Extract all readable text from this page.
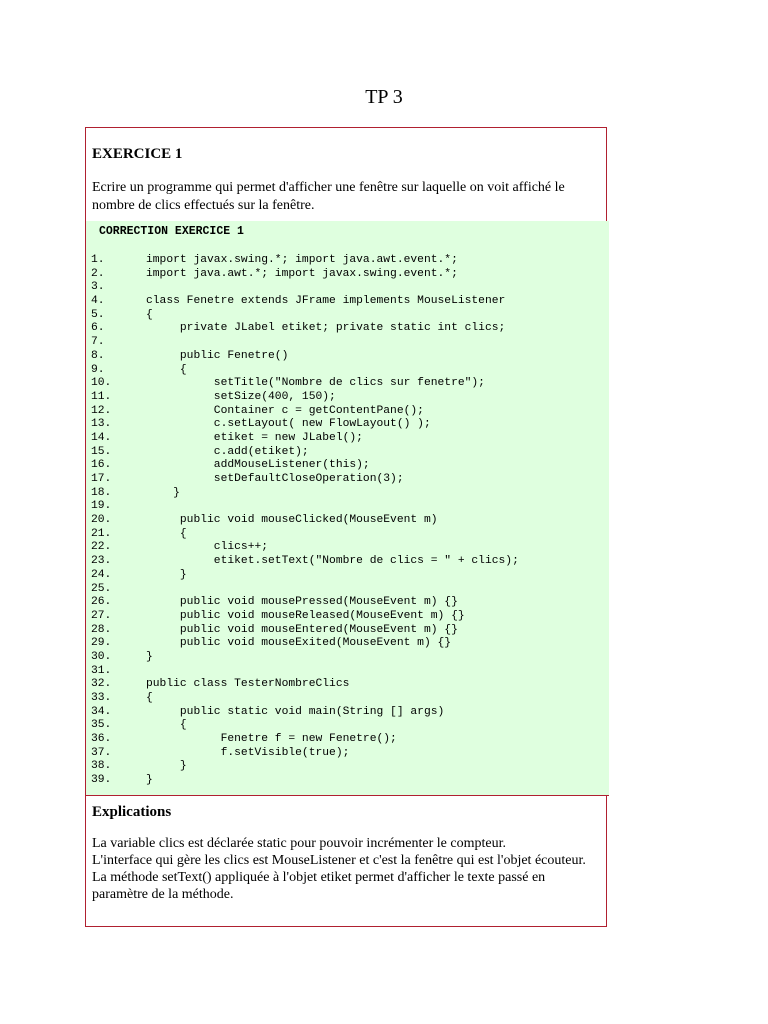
TP 3
EXERCICE 1
Ecrire un programme qui permet d'afficher une fenêtre sur laquelle on voit affiché le nombre de clics effectués sur la fenêtre.
CORRECTION EXERCICE 1
1.	import javax.swing.*; import java.awt.event.*;
2.	import java.awt.*; import javax.swing.event.*;
3.
4.	class Fenetre extends JFrame implements MouseListener
5.	{
6.	private JLabel etiket; private static int clics;
7.
8.	public Fenetre()
9.	{
10.	setTitle("Nombre de clics sur fenetre");
11.	setSize(400, 150);
12.	Container c = getContentPane();
13.	c.setLayout( new FlowLayout() );
14.	etiket = new JLabel();
15.	c.add(etiket);
16.	addMouseListener(this);
17.	setDefaultCloseOperation(3);
18.	}
19.
20.	public void mouseClicked(MouseEvent m)
21.	{
22.	clics++;
23.	etiket.setText("Nombre de clics = " + clics);
24.	}
25.
26.	public void mousePressed(MouseEvent m) {}
27.	public void mouseReleased(MouseEvent m) {}
28.	public void mouseEntered(MouseEvent m) {}
29.	public void mouseExited(MouseEvent m) {}
30.	}
31.
32.	public class TesterNombreClics
33.	{
34.	public static void main(String [] args)
35.	{
36.	Fenetre f = new Fenetre();
37.	f.setVisible(true);
38.	}
39.	}
Explications
La variable clics est déclarée static pour pouvoir incrémenter le compteur.
L'interface qui gère les clics est MouseListener et c'est la fenêtre qui est l'objet écouteur.
La méthode setText() appliquée à l'objet etiket permet d'afficher le texte passé en paramètre de la méthode.
